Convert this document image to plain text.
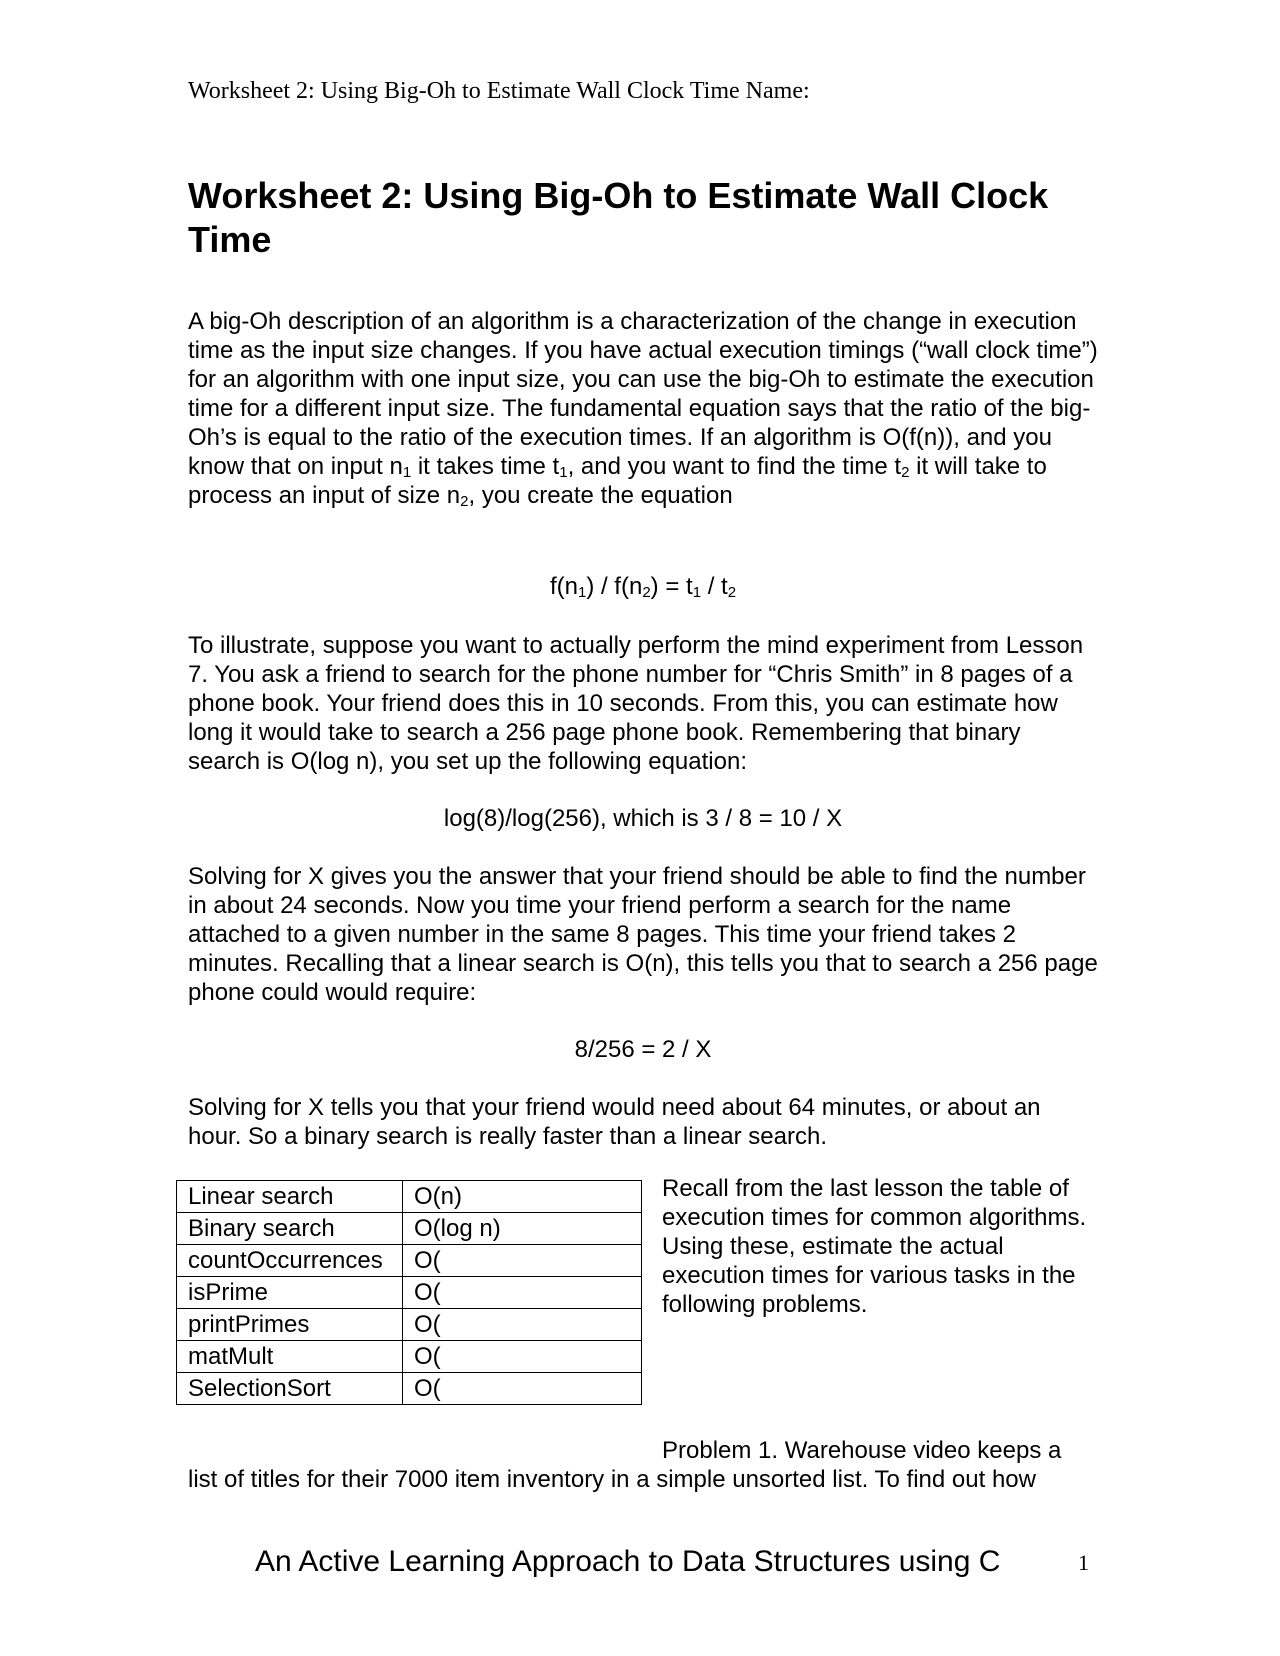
Worksheet 2: Using Big-Oh to Estimate Wall Clock Time Name:
Worksheet 2: Using Big-Oh to Estimate Wall Clock Time

A big-Oh description of an algorithm is a characterization of the change in execution time as the input size changes. If you have actual execution timings (“wall clock time”) for an algorithm with one input size, you can use the big-Oh to estimate the execution time for a different input size. The fundamental equation says that the ratio of the big-Oh’s is equal to the ratio of the execution times. If an algorithm is O(f(n)), and you know that on input $n_1$ it takes time $t_1$, and you want to find the time $t_2$ it will take to process an input of size $n_2$, you create the equation

$f(n_1) / f(n_2) = t_1 / t_2$

To illustrate, suppose you want to actually perform the mind experiment from Lesson 7. You ask a friend to search for the phone number for “Chris Smith” in 8 pages of a phone book. Your friend does this in 10 seconds. From this, you can estimate how long it would take to search a 256 page phone book. Remembering that binary search is O(log n), you set up the following equation:

log(8)/log(256), which is 3 / 8 = 10 / X

Solving for X gives you the answer that your friend should be able to find the number in about 24 seconds. Now you time your friend perform a search for the name attached to a given number in the same 8 pages. This time your friend takes 2 minutes. Recalling that a linear search is O(n), this tells you that to search a 256 page phone could would require:

8/256 = 2 / X

Solving for X tells you that your friend would need about 64 minutes, or about an hour. So a binary search is really faster than a linear search.

Linear search	O(n)
Binary search	O(log n)
countOccurrences	O(
isPrime	O(
printPrimes	O(
matMult	O(
SelectionSort	O(

Recall from the last lesson the table of execution times for common algorithms. Using these, estimate the actual execution times for various tasks in the following problems.

Problem 1. Warehouse video keeps a
list of titles for their 7000 item inventory in a simple unsorted list. To find out how
An Active Learning Approach to Data Structures using C	1
